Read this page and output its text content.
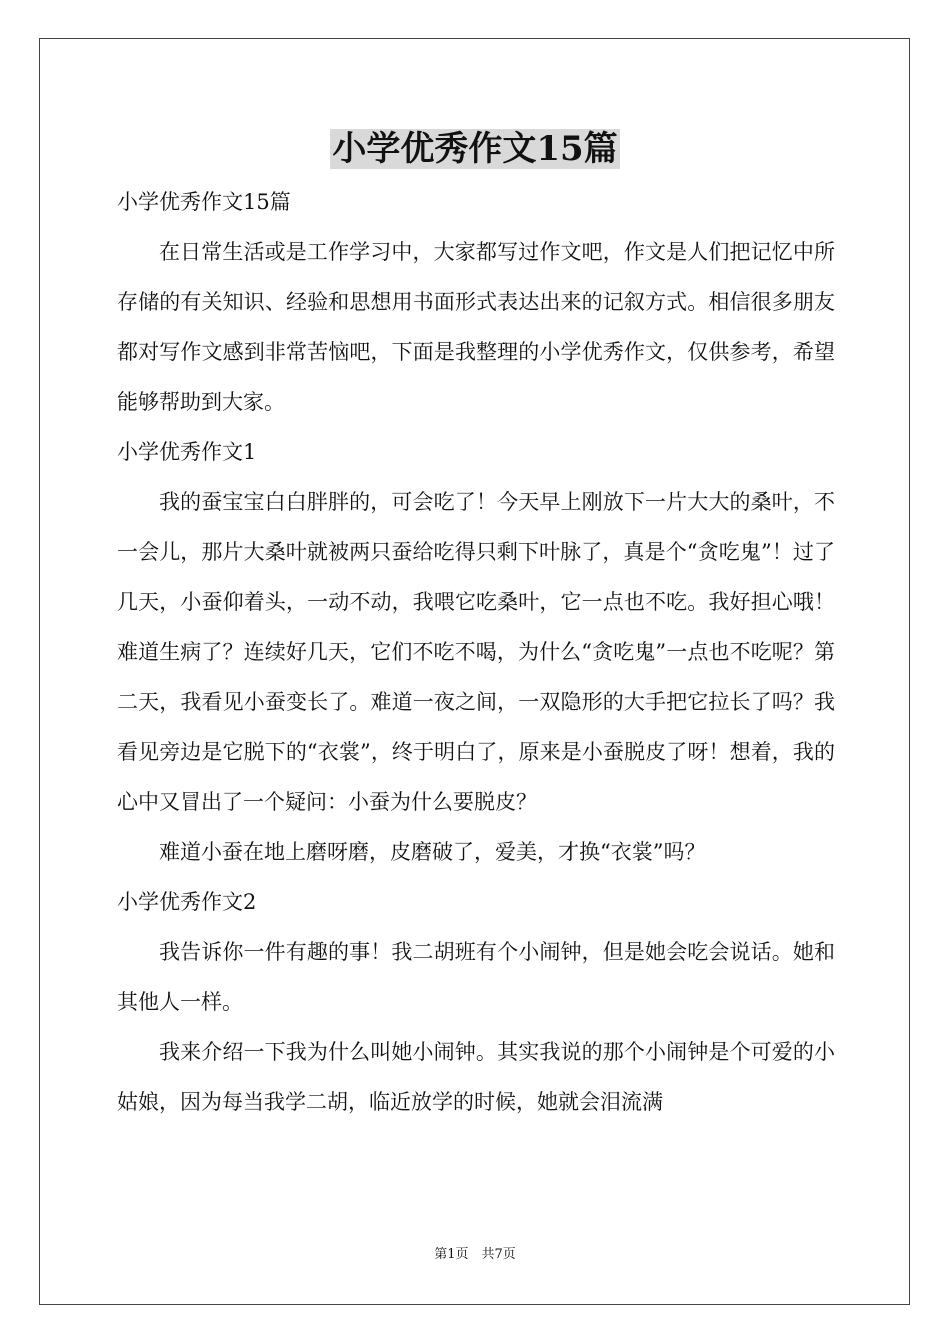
小学优秀作文15篇

小学优秀作文15篇

在日常生活或是工作学习中，大家都写过作文吧，作文是人们把记忆中所存储的有关知识、经验和思想用书面形式表达出来的记叙方式。相信很多朋友都对写作文感到非常苦恼吧，下面是我整理的小学优秀作文，仅供参考，希望能够帮助到大家。

小学优秀作文1

我的蚕宝宝白白胖胖的，可会吃了！今天早上刚放下一片大大的桑叶，不一会儿，那片大桑叶就被两只蚕给吃得只剩下叶脉了，真是个“贪吃鬼”！过了几天，小蚕仰着头，一动不动，我喂它吃桑叶，它一点也不吃。我好担心哦！难道生病了？连续好几天，它们不吃不喝，为什么“贪吃鬼”一点也不吃呢？第二天，我看见小蚕变长了。难道一夜之间，一双隐形的大手把它拉长了吗？我看见旁边是它脱下的“衣裳”，终于明白了，原来是小蚕脱皮了呀！想着，我的心中又冒出了一个疑问：小蚕为什么要脱皮？

难道小蚕在地上磨呀磨，皮磨破了，爱美，才换“衣裳”吗？

小学优秀作文2

我告诉你一件有趣的事！我二胡班有个小闹钟，但是她会吃会说话。她和其他人一样。

我来介绍一下我为什么叫她小闹钟。其实我说的那个小闹钟是个可爱的小姑娘，因为每当我学二胡，临近放学的时候，她就会泪流满

第1页　共7页
